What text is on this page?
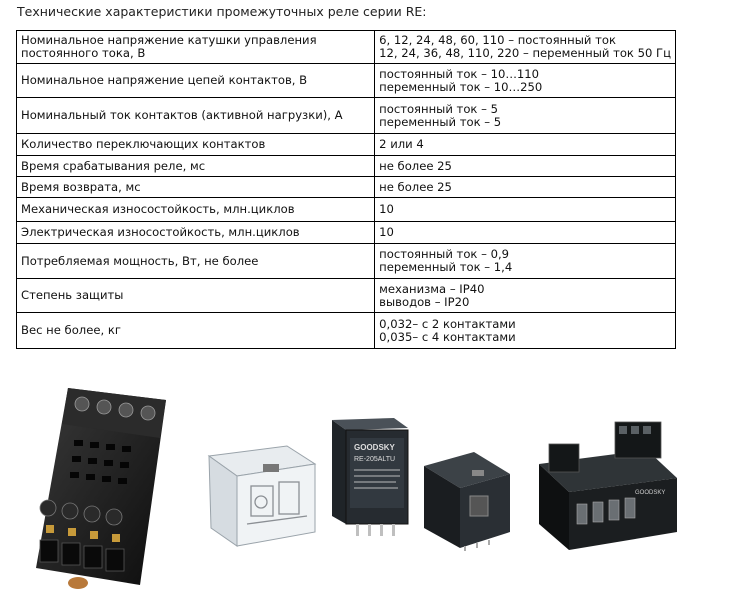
Технические характеристики промежуточных реле серии RE:
Номинальное напряжение катушки управления постоянного тока, В	6, 12, 24, 48, 60, 110 – постоянный ток
12, 24, 36, 48, 110, 220 – переменный ток 50 Гц

Номинальное напряжение цепей контактов, В	постоянный ток – 10…110
переменный ток – 10…250

Номинальный ток контактов (активной нагрузки), А	постоянный ток – 5
переменный ток – 5

Количество переключающих контактов	2 или 4

Время срабатывания реле, мс	не более 25

Время возврата, мс	не более 25

Механическая износостойкость, млн.циклов	10

Электрическая износостойкость, млн.циклов	10

Потребляемая мощность, Вт, не более	постоянный ток – 0,9
переменный ток – 1,4

Степень защиты	механизма – IP40
выводов – IP20

Вес не более, кг	0,032– с 2 контактами
0,035– с 4 контактами
GOODSKY
RE-205ALTU
GOODSKY
